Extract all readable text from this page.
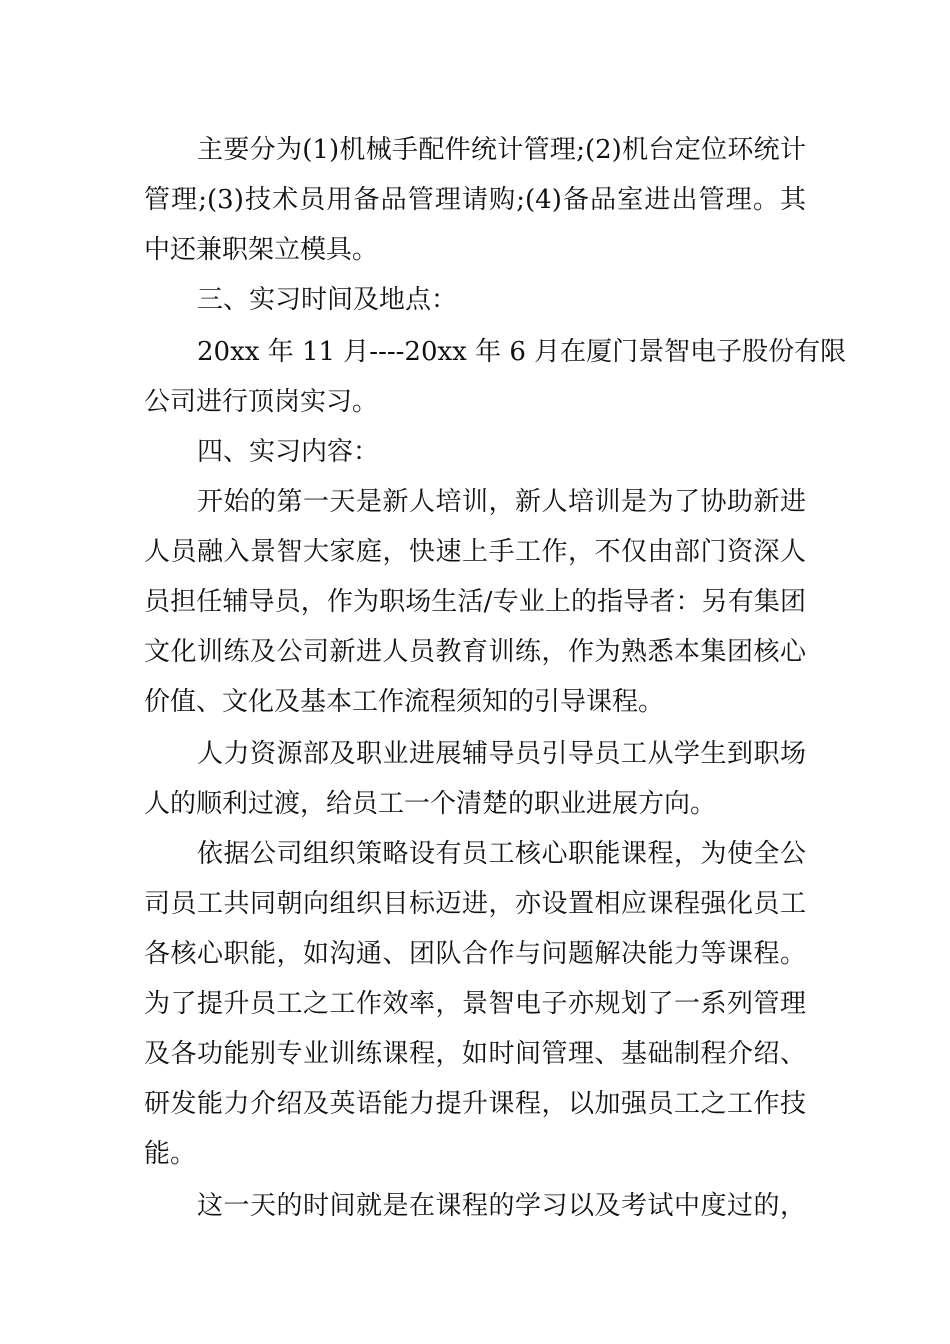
主要分为(1)机械手配件统计管理;(2)机台定位环统计
管理;(3)技术员用备品管理请购;(4)备品室进出管理。其
中还兼职架立模具。
三、实习时间及地点：
20xx 年 11 月----20xx 年 6 月在厦门景智电子股份有限
公司进行顶岗实习。
四、实习内容：
开始的第一天是新人培训，新人培训是为了协助新进
人员融入景智大家庭，快速上手工作，不仅由部门资深人
员担任辅导员，作为职场生活/专业上的指导者：另有集团
文化训练及公司新进人员教育训练，作为熟悉本集团核心
价值、文化及基本工作流程须知的引导课程。
人力资源部及职业进展辅导员引导员工从学生到职场
人的顺利过渡，给员工一个清楚的职业进展方向。
依据公司组织策略设有员工核心职能课程，为使全公
司员工共同朝向组织目标迈进，亦设置相应课程强化员工
各核心职能，如沟通、团队合作与问题解决能力等课程。
为了提升员工之工作效率，景智电子亦规划了一系列管理
及各功能别专业训练课程，如时间管理、基础制程介绍、
研发能力介绍及英语能力提升课程，以加强员工之工作技
能。
这一天的时间就是在课程的学习以及考试中度过的，
